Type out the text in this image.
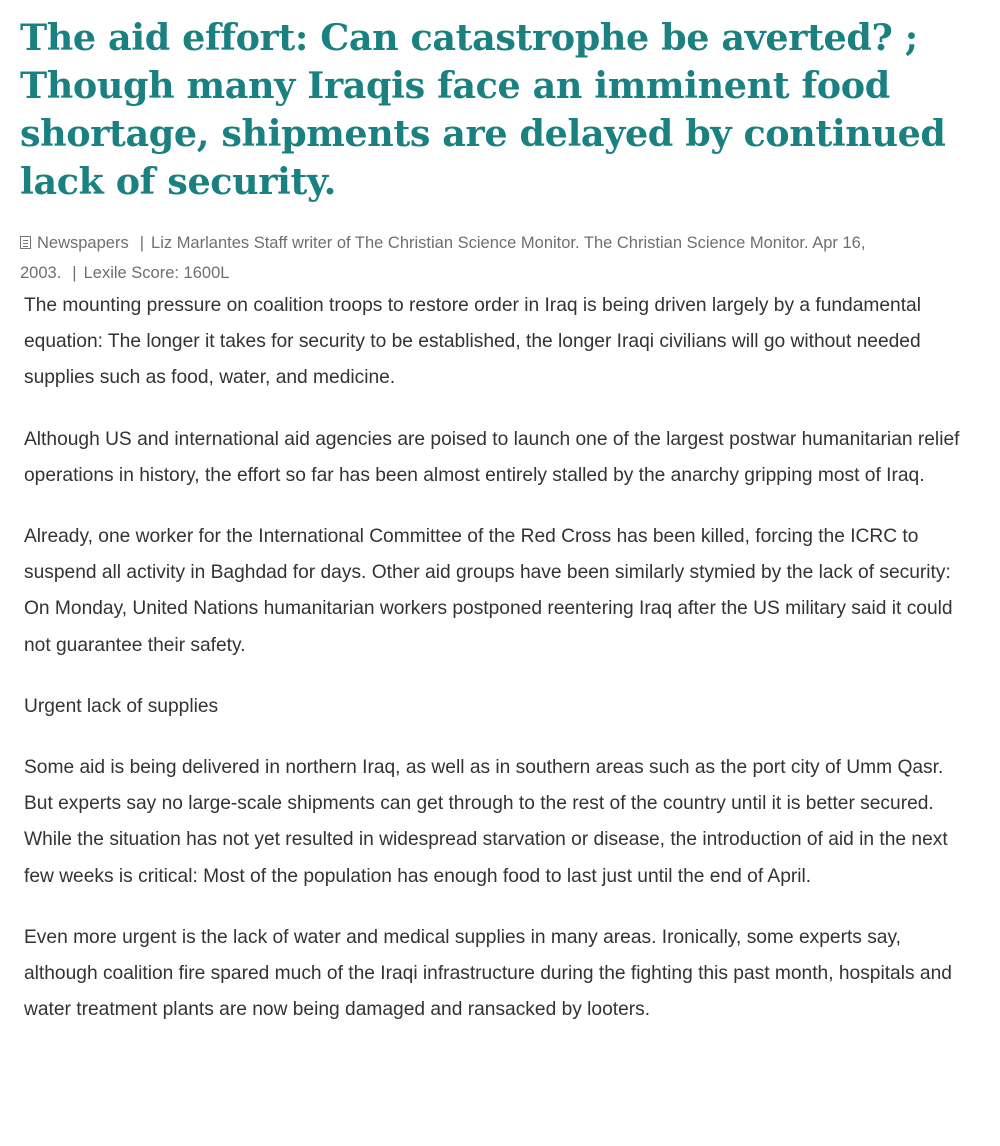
The aid effort: Can catastrophe be averted? ; Though many Iraqis face an imminent food shortage, shipments are delayed by continued lack of security.
Newspapers | Liz Marlantes Staff writer of The Christian Science Monitor. The Christian Science Monitor. Apr 16, 2003. | Lexile Score: 1600L

The mounting pressure on coalition troops to restore order in Iraq is being driven largely by a fundamental equation: The longer it takes for security to be established, the longer Iraqi civilians will go without needed supplies such as food, water, and medicine.

Although US and international aid agencies are poised to launch one of the largest postwar humanitarian relief operations in history, the effort so far has been almost entirely stalled by the anarchy gripping most of Iraq.

Already, one worker for the International Committee of the Red Cross has been killed, forcing the ICRC to suspend all activity in Baghdad for days. Other aid groups have been similarly stymied by the lack of security: On Monday, United Nations humanitarian workers postponed reentering Iraq after the US military said it could not guarantee their safety.

Urgent lack of supplies

Some aid is being delivered in northern Iraq, as well as in southern areas such as the port city of Umm Qasr. But experts say no large-scale shipments can get through to the rest of the country until it is better secured. While the situation has not yet resulted in widespread starvation or disease, the introduction of aid in the next few weeks is critical: Most of the population has enough food to last just until the end of April.

Even more urgent is the lack of water and medical supplies in many areas. Ironically, some experts say, although coalition fire spared much of the Iraqi infrastructure during the fighting this past month, hospitals and water treatment plants are now being damaged and ransacked by looters.
